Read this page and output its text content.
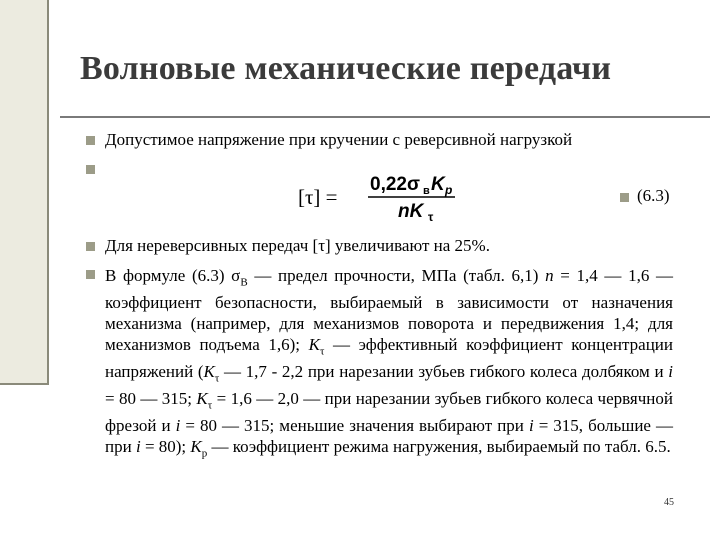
Волновые механические передачи
Допустимое напряжение при кручении с реверсивной нагрузкой
[τ] =
0,22σ в K p
nK τ
(6.3)
Для нереверсивных передач [τ] увеличивают на 25%.

В формуле (6.3) $\sigma_В$ — предел прочности, МПа (табл. 6,1) n = 1,4 — 1,6 — коэффициент безопасности, выбираемый в зависимости от назначения механизма (например, для механизмов поворота и передвижения 1,4; для механизмов подъема 1,6); $K_\tau$ — эффективный коэффициент концентрации напряжений ($K_\tau$ — 1,7 - 2,2 при нарезании зубьев гибкого колеса долбяком и i = 80 — 315; $K_\tau = 1,6$ — 2,0 — при нарезании зубьев гибкого колеса червячной фрезой и i = 80 — 315; меньшие значения выбирают при i = 315, большие — при i = 80); $K_p$ — коэффициент режима нагружения, выбираемый по табл. 6.5.

45
